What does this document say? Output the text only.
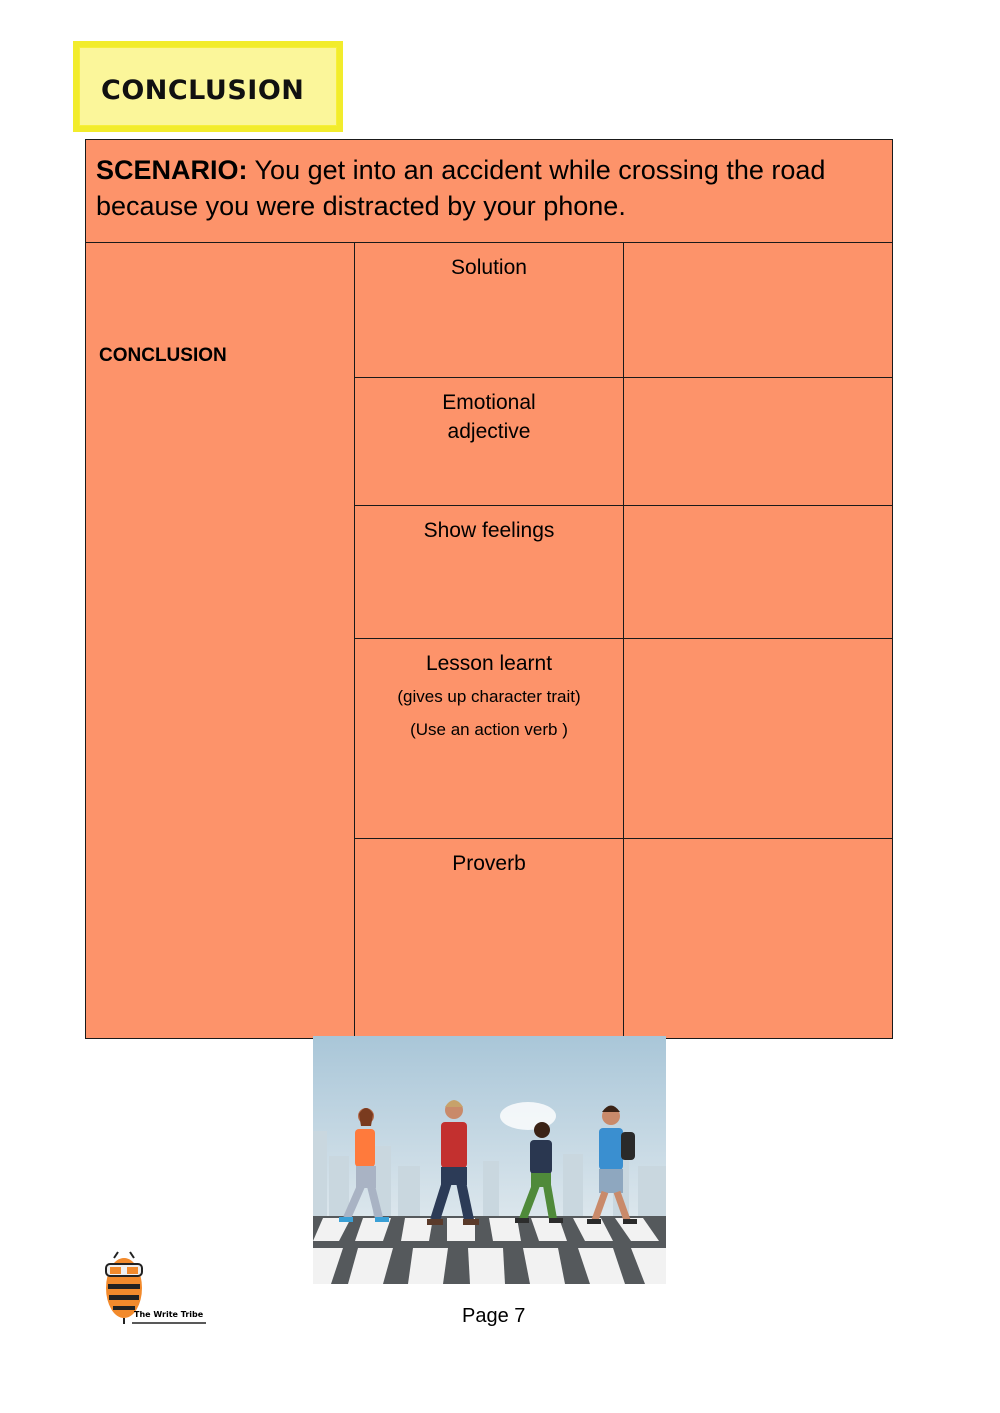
CONCLUSION
SCENARIO: You get into an accident while crossing the road because you were distracted by your phone.		

CONCLUSION	Solution	

	Emotional adjective	

	Show feelings	

	Lesson learnt
(gives up character trait)
(Use an action verb )	

	Proverb	

The Write Tribe	Page 7
